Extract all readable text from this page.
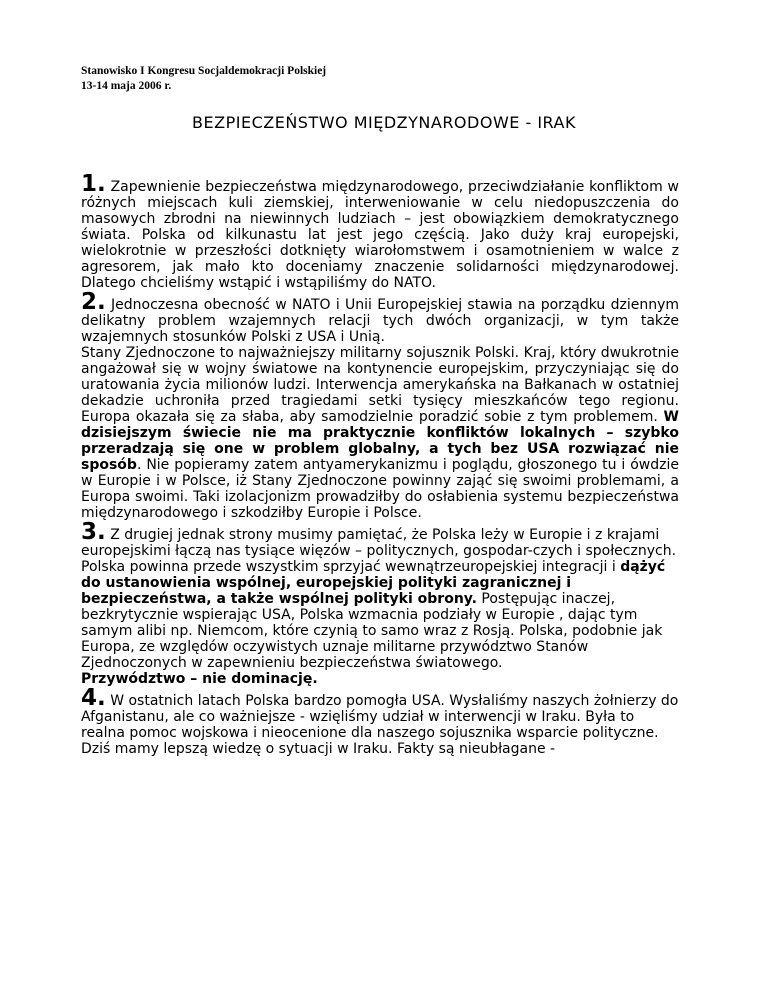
Stanowisko I Kongresu Socjaldemokracji Polskiej
13-14 maja 2006 r.
BEZPIECZEŃSTWO MIĘDZYNARODOWE - IRAK

1. Zapewnienie bezpieczeństwa międzynarodowego, przeciwdziałanie konfliktom w różnych miejscach kuli ziemskiej, interweniowanie w celu niedopuszczenia do masowych zbrodni na niewinnych ludziach – jest obowiązkiem demokratycznego świata. Polska od kilkunastu lat jest jego częścią. Jako duży kraj europejski, wielokrotnie w przeszłości dotknięty wiarołomstwem i osamotnieniem w walce z agresorem, jak mało kto doceniamy znaczenie solidarności międzynarodowej. Dlatego chcieliśmy wstąpić i wstąpiliśmy do NATO.

2. Jednoczesna obecność w NATO i Unii Europejskiej stawia na porządku dziennym delikatny problem wzajemnych relacji tych dwóch organizacji, w tym także wzajemnych stosunków Polski z USA i Unią.

Stany Zjednoczone to najważniejszy militarny sojusznik Polski. Kraj, który dwukrotnie angażował się w wojny światowe na kontynencie europejskim, przyczyniając się do uratowania życia milionów ludzi. Interwencja amerykańska na Bałkanach w ostatniej dekadzie uchroniła przed tragiedami setki tysięcy mieszkańców tego regionu. Europa okazała się za słaba, aby samodzielnie poradzić sobie z tym problemem. W dzisiejszym świecie nie ma praktycznie konfliktów lokalnych – szybko przeradzają się one w problem globalny, a tych bez USA rozwiązać nie sposób. Nie popieramy zatem antyamerykanizmu i poglądu, głoszonego tu i ówdzie w Europie i w Polsce, iż Stany Zjednoczone powinny zająć się swoimi problemami, a Europa swoimi. Taki izolacjonizm prowadziłby do osłabienia systemu bezpieczeństwa międzynarodowego i szkodziłby Europie i Polsce.

3. Z drugiej jednak strony musimy pamiętać, że Polska leży w Europie i z krajami europejskimi łączą nas tysiące więzów – politycznych, gospodar-czych i społecznych. Polska powinna przede wszystkim sprzyjać wewnątrzeuropejskiej integracji i dążyć do ustanowienia wspólnej, europejskiej polityki zagranicznej i bezpieczeństwa, a także wspólnej polityki obrony. Postępując inaczej, bezkrytycznie wspierając USA, Polska wzmacnia podziały w Europie , dając tym samym alibi np. Niemcom, które czynią to samo wraz z Rosją. Polska, podobnie jak Europa, ze względów oczywistych uznaje militarne przywództwo Stanów Zjednoczonych w zapewnieniu bezpieczeństwa światowego.

Przywództwo – nie dominację.

4. W ostatnich latach Polska bardzo pomogła USA. Wysłaliśmy naszych żołnierzy do Afganistanu, ale co ważniejsze - wzięliśmy udział w interwencji w Iraku. Była to realna pomoc wojskowa i nieocenione dla naszego sojusznika wsparcie polityczne.

Dziś mamy lepszą wiedzę o sytuacji w Iraku. Fakty są nieubłagane -
